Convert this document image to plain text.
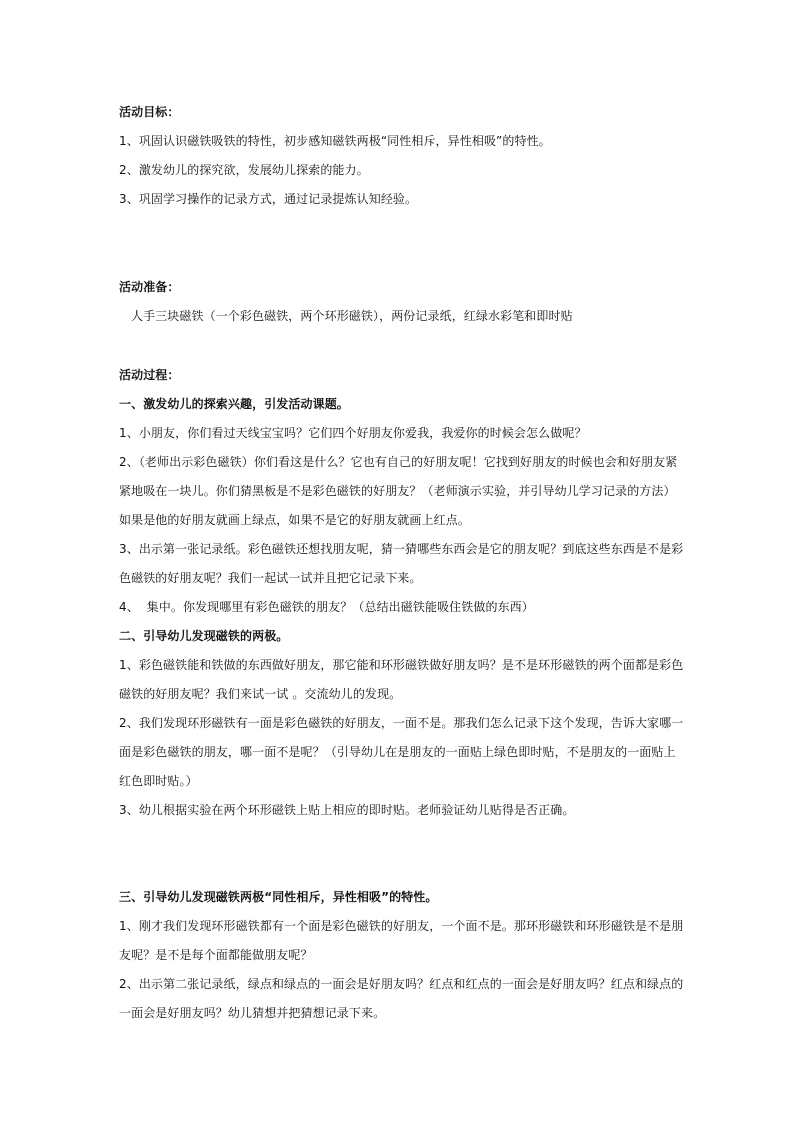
活动目标：
1、巩固认识磁铁吸铁的特性，初步感知磁铁两极“同性相斥，异性相吸”的特性。
2、激发幼儿的探究欲，发展幼儿探索的能力。
3、巩固学习操作的记录方式，通过记录提炼认知经验。
活动准备：
人手三块磁铁（一个彩色磁铁，两个环形磁铁），两份记录纸，红绿水彩笔和即时贴
活动过程：
一、激发幼儿的探索兴趣，引发活动课题。
1、小朋友，你们看过天线宝宝吗？它们四个好朋友你爱我，我爱你的时候会怎么做呢？
2、（老师出示彩色磁铁）你们看这是什么？它也有自己的好朋友呢！它找到好朋友的时候也会和好朋友紧
紧地吸在一块儿。你们猜黑板是不是彩色磁铁的好朋友？（老师演示实验，并引导幼儿学习记录的方法）
如果是他的好朋友就画上绿点，如果不是它的好朋友就画上红点。
3、出示第一张记录纸。彩色磁铁还想找朋友呢，猜一猜哪些东西会是它的朋友呢？到底这些东西是不是彩
色磁铁的好朋友呢？我们一起试一试并且把它记录下来。
4、  集中。你发现哪里有彩色磁铁的朋友？（总结出磁铁能吸住铁做的东西）
二、引导幼儿发现磁铁的两极。
1、彩色磁铁能和铁做的东西做好朋友，那它能和环形磁铁做好朋友吗？是不是环形磁铁的两个面都是彩色
磁铁的好朋友呢？我们来试一试 。交流幼儿的发现。
2、我们发现环形磁铁有一面是彩色磁铁的好朋友，一面不是。那我们怎么记录下这个发现，告诉大家哪一
面是彩色磁铁的朋友，哪一面不是呢？（引导幼儿在是朋友的一面贴上绿色即时贴，不是朋友的一面贴上
红色即时贴。）
3、幼儿根据实验在两个环形磁铁上贴上相应的即时贴。老师验证幼儿贴得是否正确。
三、引导幼儿发现磁铁两极“同性相斥，异性相吸”的特性。
1、刚才我们发现环形磁铁都有一个面是彩色磁铁的好朋友，一个面不是。那环形磁铁和环形磁铁是不是朋
友呢？是不是每个面都能做朋友呢？
2、出示第二张记录纸，绿点和绿点的一面会是好朋友吗？红点和红点的一面会是好朋友吗？红点和绿点的
一面会是好朋友吗？幼儿猜想并把猜想记录下来。
